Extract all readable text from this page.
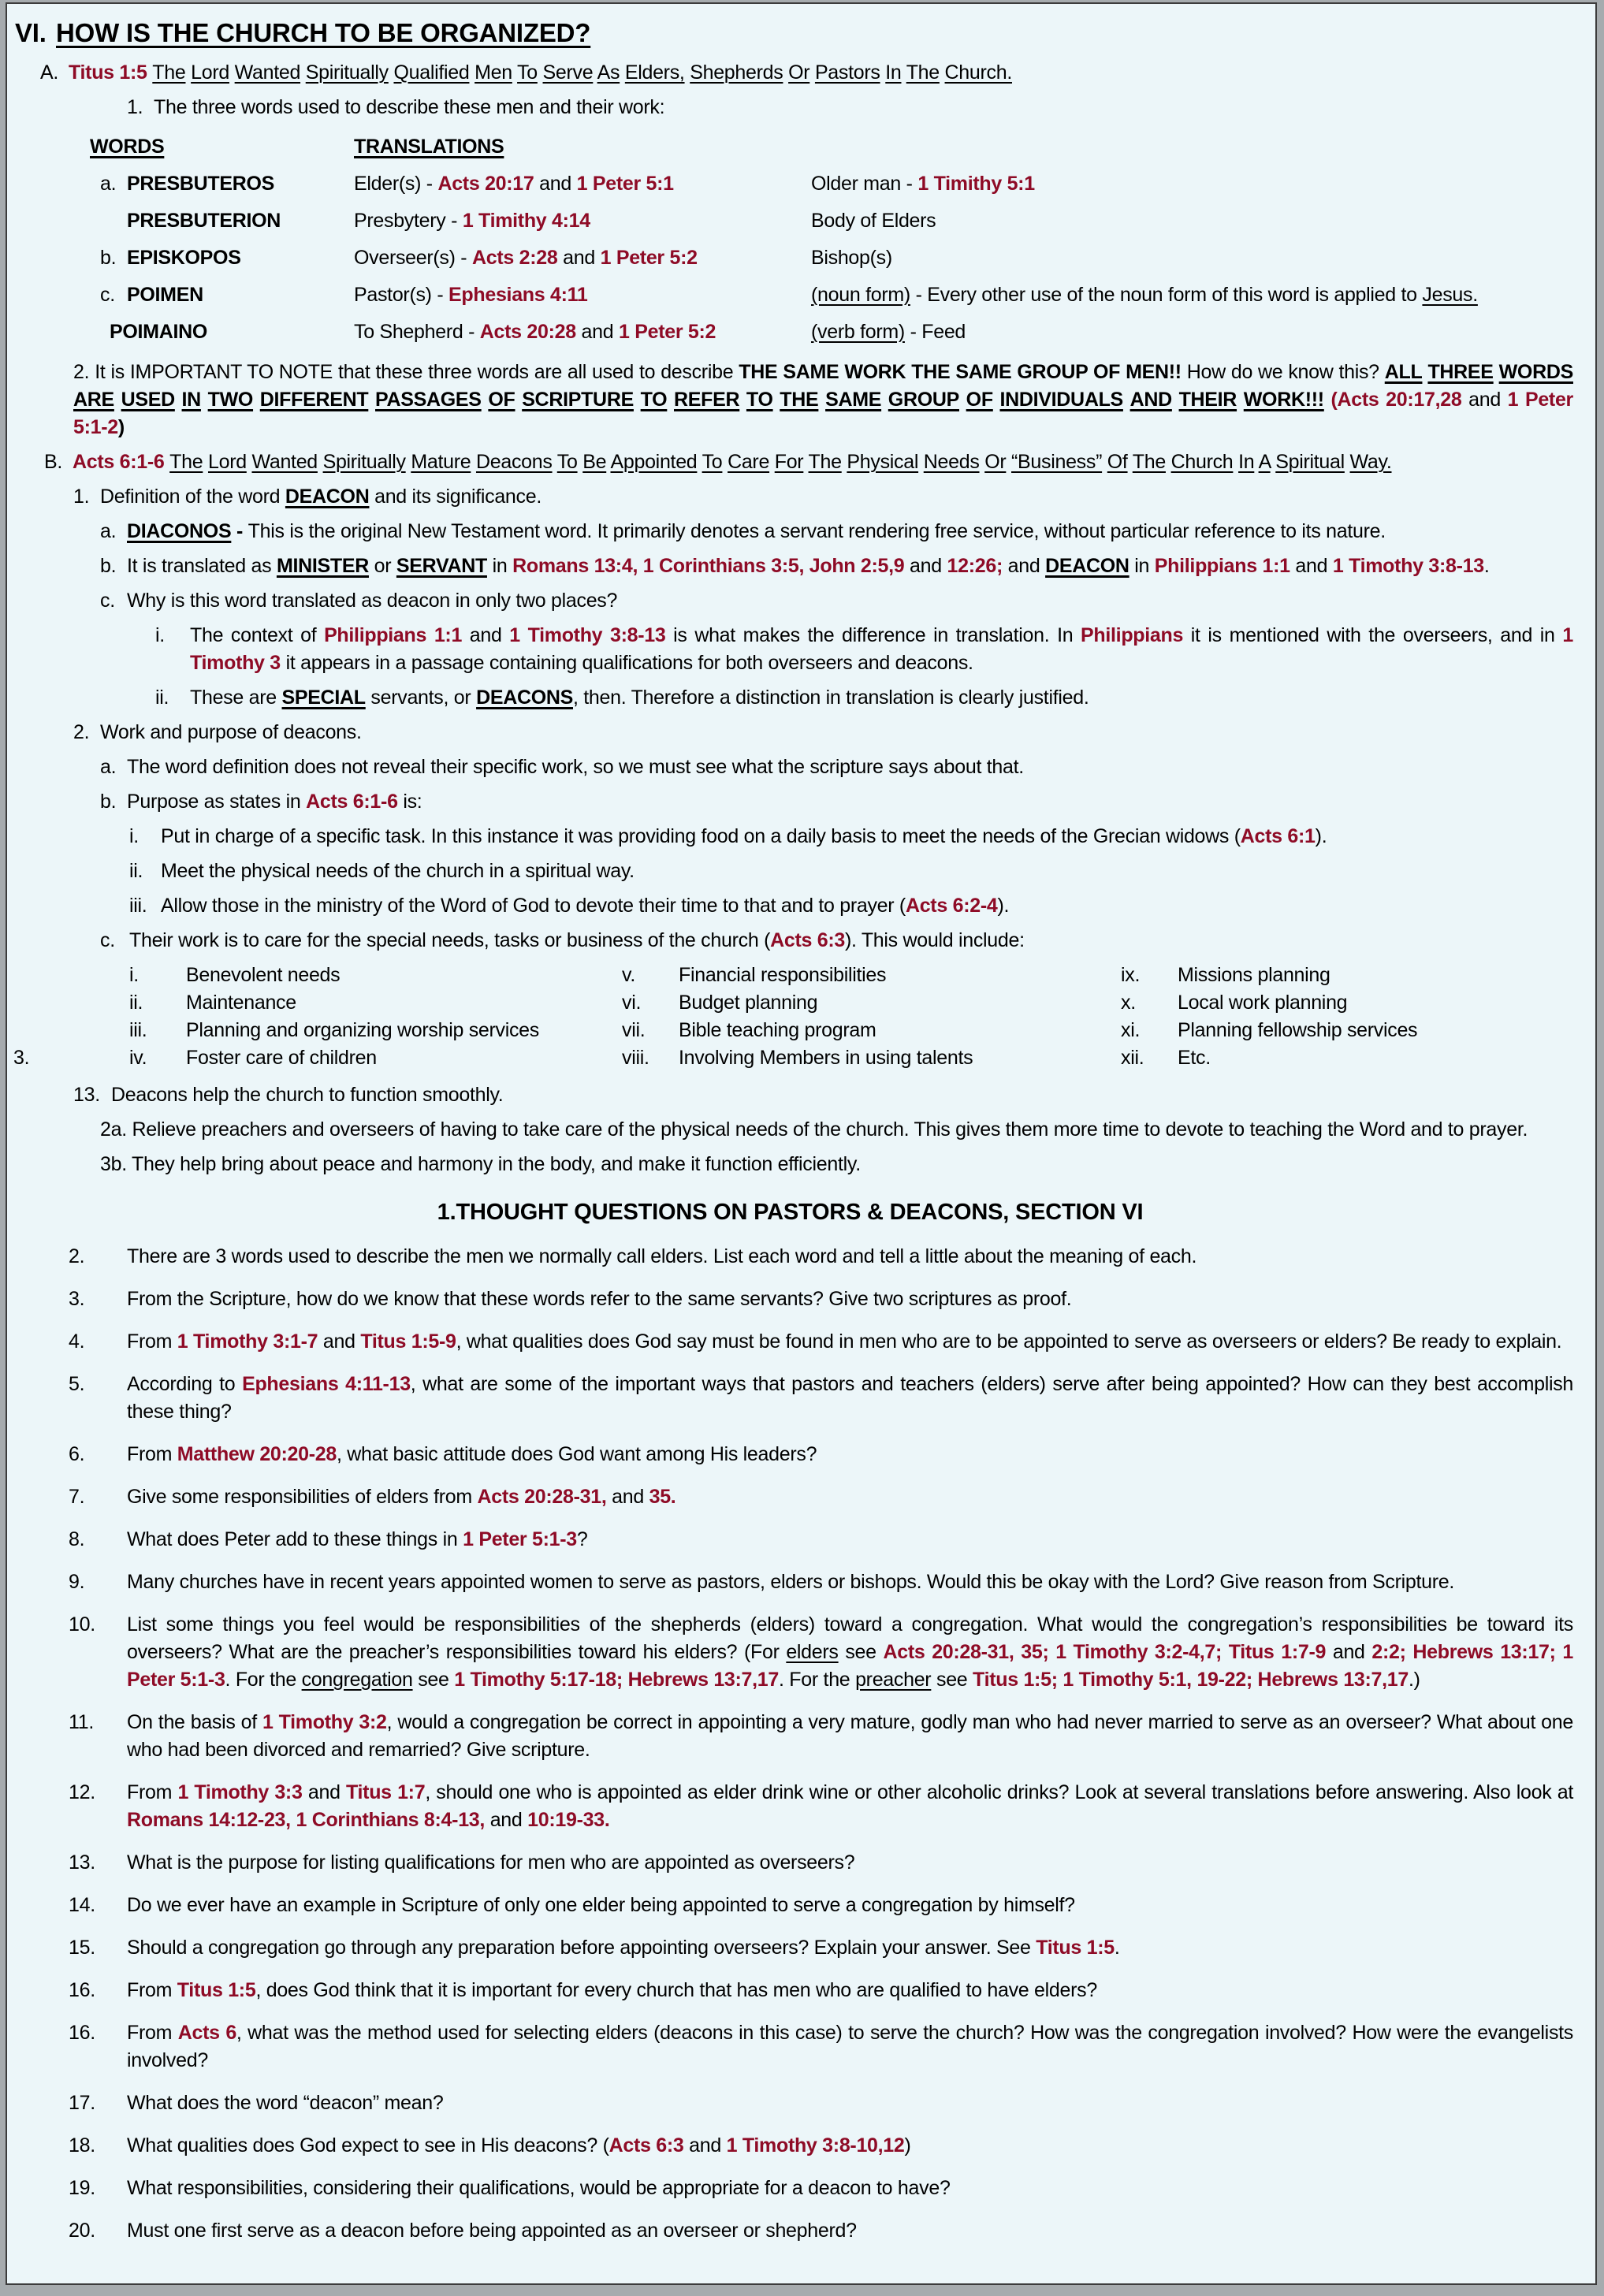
VI. HOW IS THE CHURCH TO BE ORGANIZED?
A. Titus 1:5 The Lord Wanted Spiritually Qualified Men To Serve As Elders, Shepherds Or Pastors In The Church.
1. The three words used to describe these men and their work:
WORDS	TRANSLATIONS
a. PRESBUTEROS	Elder(s) - Acts 20:17 and 1 Peter 5:1	Older man - 1 Timithy 5:1
PRESBUTERION	Presbytery - 1 Timithy 4:14	Body of Elders
b. EPISKOPOS	Overseer(s) - Acts 2:28 and 1 Peter 5:2	Bishop(s)
c. POIMEN	Pastor(s) - Ephesians 4:11	(noun form) - Every other use of the noun form of this word is applied to Jesus.
POIMAINO	To Shepherd - Acts 20:28 and 1 Peter 5:2	(verb form) - Feed
2. It is IMPORTANT TO NOTE that these three words are all used to describe THE SAME WORK THE SAME GROUP OF MEN!! How do we know this? ALL THREE WORDS ARE USED IN TWO DIFFERENT PASSAGES OF SCRIPTURE TO REFER TO THE SAME GROUP OF INDIVIDUALS AND THEIR WORK!!! (Acts 20:17,28 and 1 Peter 5:1-2)
B. Acts 6:1-6 The Lord Wanted Spiritually Mature Deacons To Be Appointed To Care For The Physical Needs Or “Business” Of The Church In A Spiritual Way.
1. Definition of the word DEACON and its significance.
a. DIACONOS - This is the original New Testament word. It primarily denotes a servant rendering free service, without particular reference to its nature.
b. It is translated as MINISTER or SERVANT in Romans 13:4, 1 Corinthians 3:5, John 2:5,9 and 12:26; and DEACON in Philippians 1:1 and 1 Timothy 3:8-13.
c. Why is this word translated as deacon in only two places?
i. The context of Philippians 1:1 and 1 Timothy 3:8-13 is what makes the difference in translation. In Philippians it is mentioned with the overseers, and in 1 Timothy 3 it appears in a passage containing qualifications for both overseers and deacons.
ii. These are SPECIAL servants, or DEACONS, then. Therefore a distinction in translation is clearly justified.
2. Work and purpose of deacons.
a. The word definition does not reveal their specific work, so we must see what the scripture says about that.
b. Purpose as states in Acts 6:1-6 is:
i. Put in charge of a specific task. In this instance it was providing food on a daily basis to meet the needs of the Grecian widows (Acts 6:1).
ii. Meet the physical needs of the church in a spiritual way.
iii. Allow those in the ministry of the Word of God to devote their time to that and to prayer (Acts 6:2-4).
c. Their work is to care for the special needs, tasks or business of the church (Acts 6:3). This would include:
i.	Benevolent needs
ii.	Maintenance
iii.	Planning and organizing worship services
iv.	Foster care of children
v.	Financial responsibilities
vi.	Budget planning
vii.	Bible teaching program
viii.	Involving Members in using talents
ix.	Missions planning
x.	Local work planning
xi.	Planning fellowship services
xii.	Etc.
3.
13. Deacons help the church to function smoothly.
2a. Relieve preachers and overseers of having to take care of the physical needs of the church. This gives them more time to devote to teaching the Word and to prayer.
3b. They help bring about peace and harmony in the body, and make it function efficiently.
1.THOUGHT QUESTIONS ON PASTORS & DEACONS, SECTION VI
2. There are 3 words used to describe the men we normally call elders. List each word and tell a little about the meaning of each.
3. From the Scripture, how do we know that these words refer to the same servants? Give two scriptures as proof.
4. From 1 Timothy 3:1-7 and Titus 1:5-9, what qualities does God say must be found in men who are to be appointed to serve as overseers or elders? Be ready to explain.
5. According to Ephesians 4:11-13, what are some of the important ways that pastors and teachers (elders) serve after being appointed? How can they best accomplish these thing?
6. From Matthew 20:20-28, what basic attitude does God want among His leaders?
7. Give some responsibilities of elders from Acts 20:28-31, and 35.
8. What does Peter add to these things in 1 Peter 5:1-3?
9. Many churches have in recent years appointed women to serve as pastors, elders or bishops. Would this be okay with the Lord? Give reason from Scripture.
10. List some things you feel would be responsibilities of the shepherds (elders) toward a congregation. What would the congregation’s responsibilities be toward its overseers? What are the preacher’s responsibilities toward his elders? (For elders see Acts 20:28-31, 35; 1 Timothy 3:2-4,7; Titus 1:7-9 and 2:2; Hebrews 13:17; 1 Peter 5:1-3. For the congregation see 1 Timothy 5:17-18; Hebrews 13:7,17. For the preacher see Titus 1:5; 1 Timothy 5:1, 19-22; Hebrews 13:7,17.)
11. On the basis of 1 Timothy 3:2, would a congregation be correct in appointing a very mature, godly man who had never married to serve as an overseer? What about one who had been divorced and remarried? Give scripture.
12. From 1 Timothy 3:3 and Titus 1:7, should one who is appointed as elder drink wine or other alcoholic drinks? Look at several translations before answering. Also look at Romans 14:12-23, 1 Corinthians 8:4-13, and 10:19-33.
13. What is the purpose for listing qualifications for men who are appointed as overseers?
14. Do we ever have an example in Scripture of only one elder being appointed to serve a congregation by himself?
15. Should a congregation go through any preparation before appointing overseers? Explain your answer. See Titus 1:5.
16. From Titus 1:5, does God think that it is important for every church that has men who are qualified to have elders?
16. From Acts 6, what was the method used for selecting elders (deacons in this case) to serve the church? How was the congregation involved? How were the evangelists involved?
17. What does the word “deacon” mean?
18. What qualities does God expect to see in His deacons? (Acts 6:3 and 1 Timothy 3:8-10,12)
19. What responsibilities, considering their qualifications, would be appropriate for a deacon to have?
20. Must one first serve as a deacon before being appointed as an overseer or shepherd?
